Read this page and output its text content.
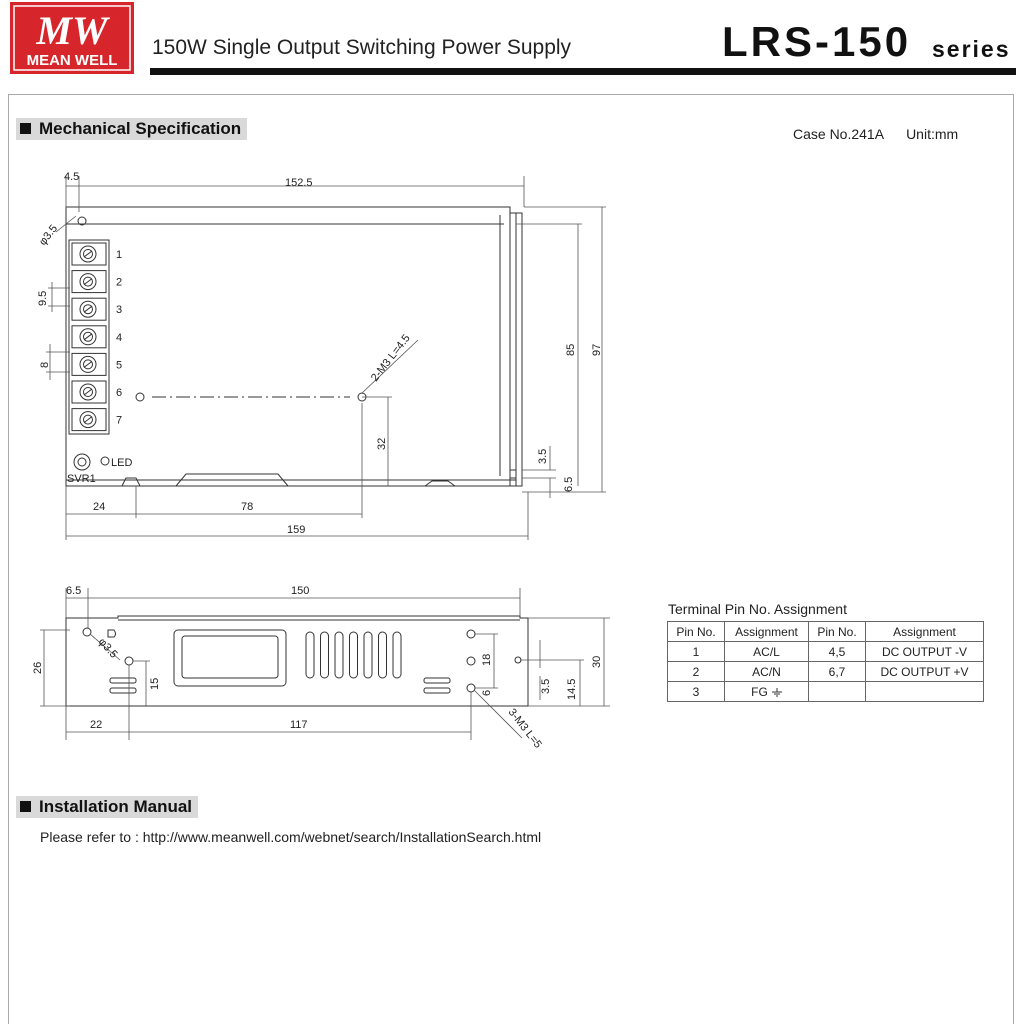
MW
MEAN WELL
150W Single Output Switching Power Supply	LRS-150 series
Mechanical Specification	Case No.241A Unit:mm
1
2
3
4
5
6
7
4.5	152.5
φ3.5
9.5
8	2-M3 L=4.5	85 97
32
3.5
6.5
24	78
159
LED
SVR1
6.5	150
φ3.5
26
15
18
6
3-M3 L=5
3.5 14.5
30
22	117
Terminal Pin No. Assignment
Pin No.	Assignment	Pin No.	Assignment
1	AC/L	4,5	DC OUTPUT -V
2	AC/N	6,7	DC OUTPUT +V
3	FG		
Installation Manual
Please refer to : http://www.meanwell.com/webnet/search/InstallationSearch.html
